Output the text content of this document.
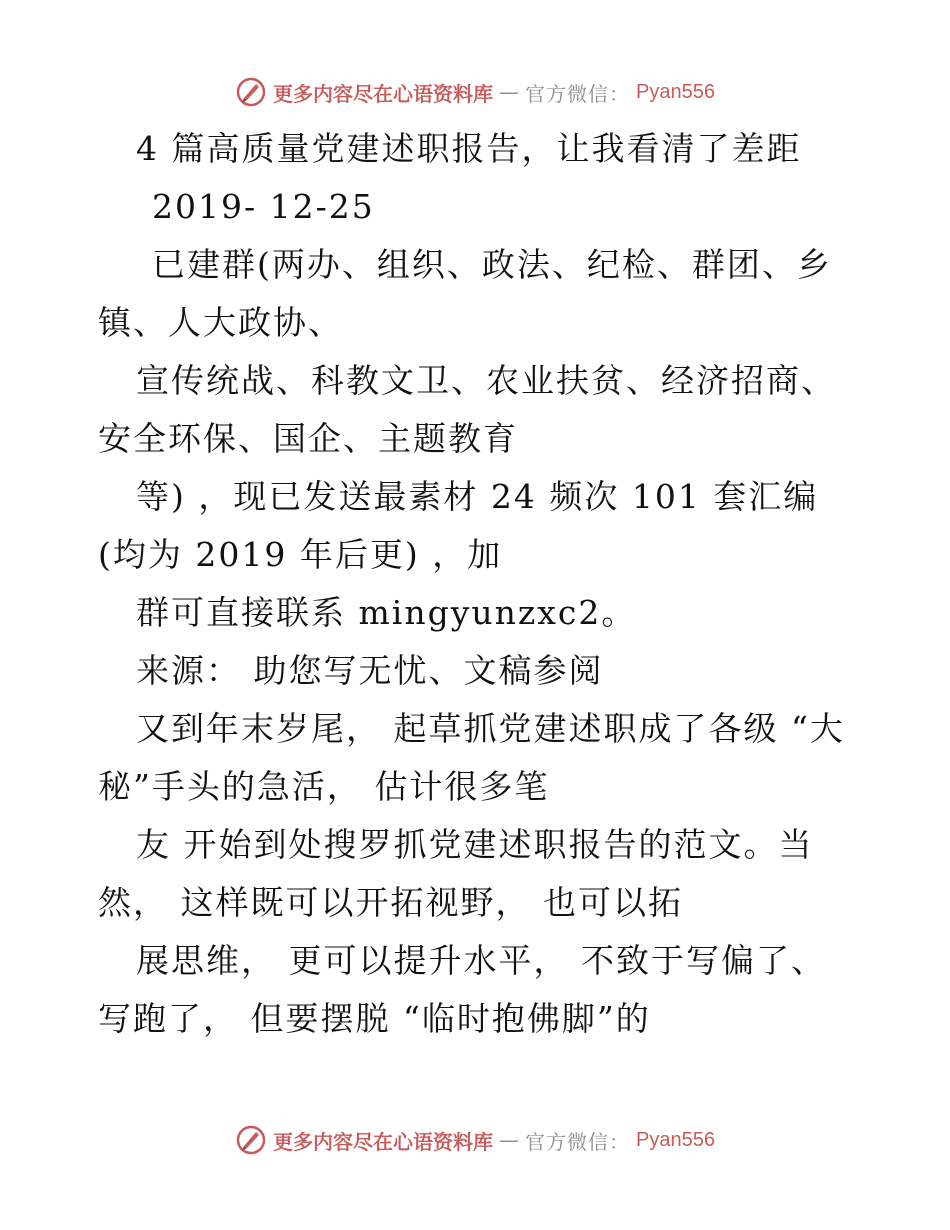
更多内容尽在心语资料库 — 官方微信： Pyan556

4 篇高质量党建述职报告，让我看清了差距

2019- 12-25

已建群(两办、组织、政法、纪检、群团、乡镇、人大政协、

宣传统战、科教文卫、农业扶贫、经济招商、安全环保、国企、主题教育

等) ，现已发送最素材 24 频次 101 套汇编(均为 2019 年后更) ，加

群可直接联系 mingyunzxc2。

来源： 助您写无忧、文稿参阅

又到年末岁尾， 起草抓党建述职成了各级 “大秘”手头的急活， 估计很多笔

友 开始到处搜罗抓党建述职报告的范文。当然， 这样既可以开拓视野， 也可以拓

展思维， 更可以提升水平， 不致于写偏了、写跑了， 但要摆脱 “临时抱佛脚”的

更多内容尽在心语资料库 — 官方微信： Pyan556
